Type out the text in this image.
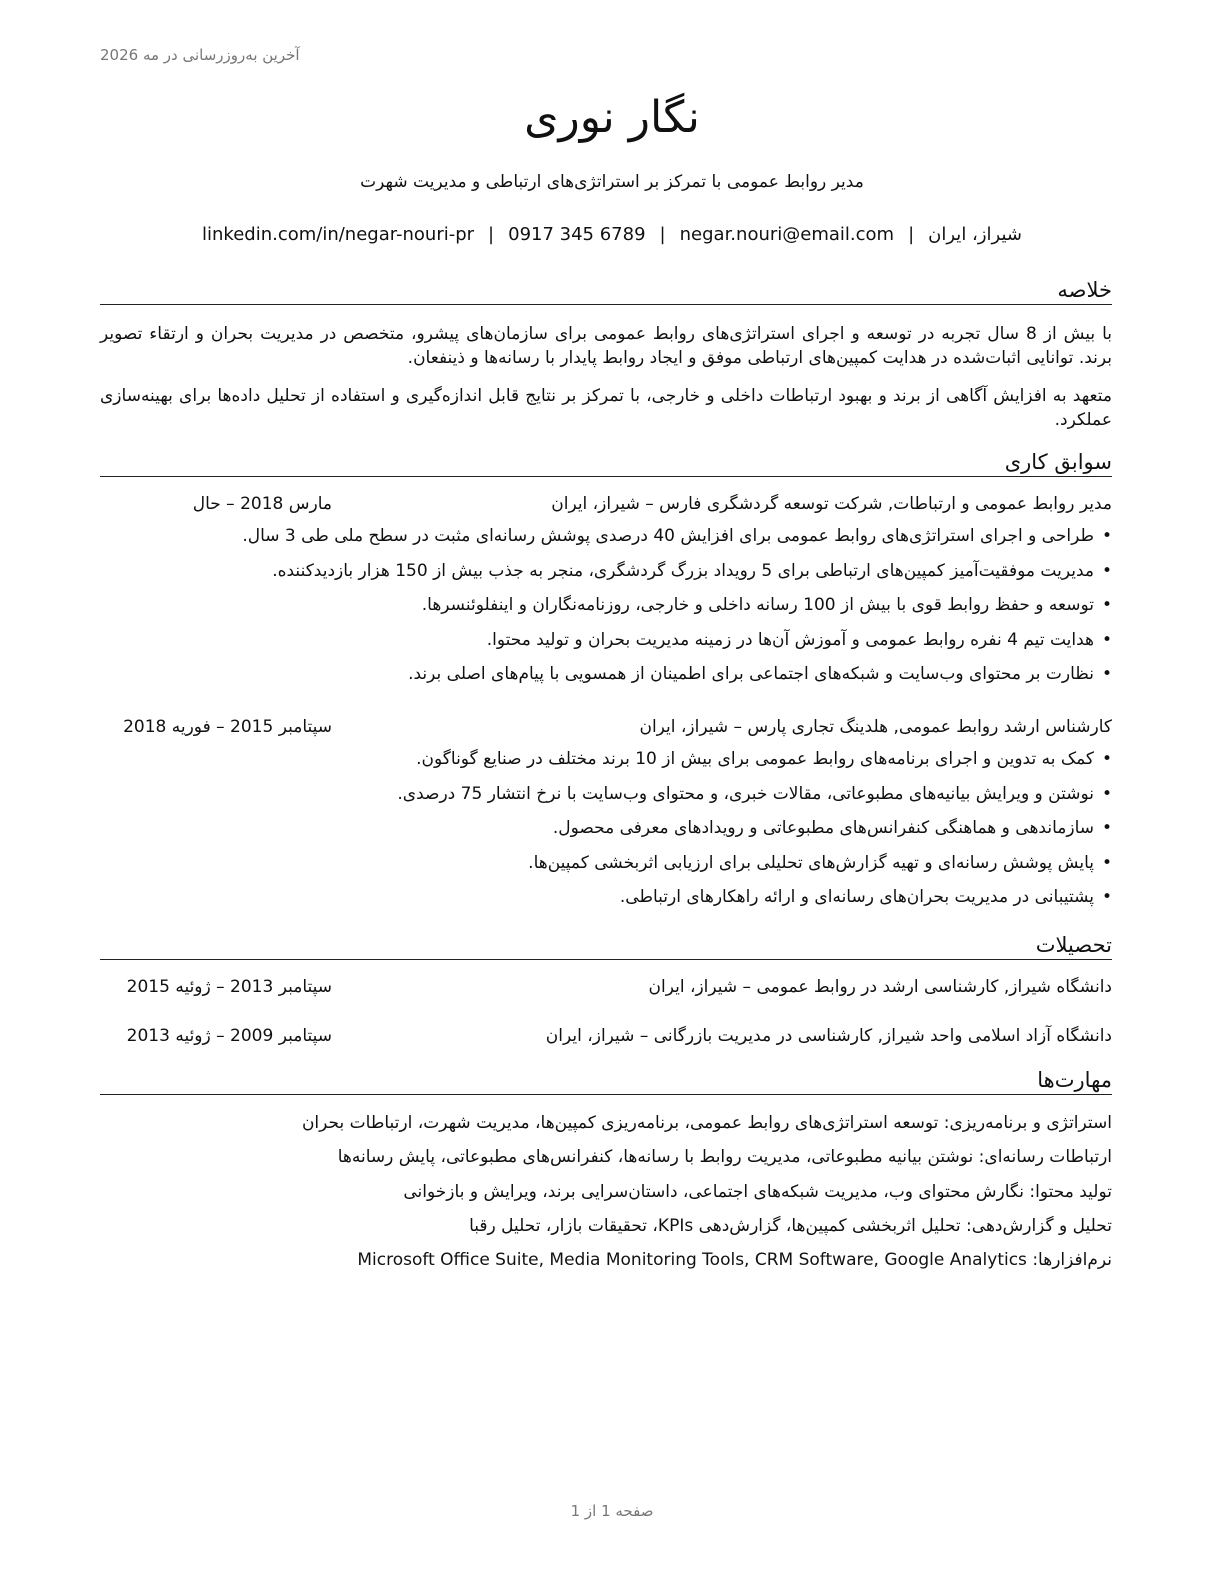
آخرین به‌روزرسانی در مه 2026
نگار نوری
مدیر روابط عمومی با تمرکز بر استراتژی‌های ارتباطی و مدیریت شهرت
شیراز، ایران|negar.nouri@email.com|0917 345 6789|linkedin.com/in/negar-nouri-pr
خلاصه
با بیش از 8 سال تجربه در توسعه و اجرای استراتژی‌های روابط عمومی برای سازمان‌های پیشرو، متخصص در مدیریت بحران و ارتقاء تصویر برند. توانایی اثبات‌شده در هدایت کمپین‌های ارتباطی موفق و ایجاد روابط پایدار با رسانه‌ها و ذینفعان.
متعهد به افزایش آگاهی از برند و بهبود ارتباطات داخلی و خارجی، با تمرکز بر نتایج قابل اندازه‌گیری و استفاده از تحلیل داده‌ها برای بهینه‌سازی عملکرد.
سوابق کاری
مدیر روابط عمومی و ارتباطات, شرکت توسعه گردشگری فارس – شیراز، ایران
مارس 2018 – حال
•طراحی و اجرای استراتژی‌های روابط عمومی برای افزایش 40 درصدی پوشش رسانه‌ای مثبت در سطح ملی طی 3 سال.
•مدیریت موفقیت‌آمیز کمپین‌های ارتباطی برای 5 رویداد بزرگ گردشگری، منجر به جذب بیش از 150 هزار بازدیدکننده.
•توسعه و حفظ روابط قوی با بیش از 100 رسانه داخلی و خارجی، روزنامه‌نگاران و اینفلوئنسرها.
•هدایت تیم 4 نفره روابط عمومی و آموزش آن‌ها در زمینه مدیریت بحران و تولید محتوا.
•نظارت بر محتوای وب‌سایت و شبکه‌های اجتماعی برای اطمینان از همسویی با پیام‌های اصلی برند.
کارشناس ارشد روابط عمومی, هلدینگ تجاری پارس – شیراز، ایران
سپتامبر 2015 – فوریه 2018
•کمک به تدوین و اجرای برنامه‌های روابط عمومی برای بیش از 10 برند مختلف در صنایع گوناگون.
•نوشتن و ویرایش بیانیه‌های مطبوعاتی، مقالات خبری، و محتوای وب‌سایت با نرخ انتشار 75 درصدی.
•سازماندهی و هماهنگی کنفرانس‌های مطبوعاتی و رویدادهای معرفی محصول.
•پایش پوشش رسانه‌ای و تهیه گزارش‌های تحلیلی برای ارزیابی اثربخشی کمپین‌ها.
•پشتیبانی در مدیریت بحران‌های رسانه‌ای و ارائه راهکارهای ارتباطی.
تحصیلات
دانشگاه شیراز, کارشناسی ارشد در روابط عمومی – شیراز، ایران
سپتامبر 2013 – ژوئیه 2015
دانشگاه آزاد اسلامی واحد شیراز, کارشناسی در مدیریت بازرگانی – شیراز، ایران
سپتامبر 2009 – ژوئیه 2013
مهارت‌ها
استراتژی و برنامه‌ریزی: توسعه استراتژی‌های روابط عمومی، برنامه‌ریزی کمپین‌ها، مدیریت شهرت، ارتباطات بحران
ارتباطات رسانه‌ای: نوشتن بیانیه مطبوعاتی، مدیریت روابط با رسانه‌ها، کنفرانس‌های مطبوعاتی، پایش رسانه‌ها
تولید محتوا: نگارش محتوای وب، مدیریت شبکه‌های اجتماعی، داستان‌سرایی برند، ویرایش و بازخوانی
تحلیل و گزارش‌دهی: تحلیل اثربخشی کمپین‌ها، گزارش‌دهی KPIs، تحقیقات بازار، تحلیل رقبا
نرم‌افزارها: Microsoft Office Suite, Media Monitoring Tools, CRM Software, Google Analytics
صفحه 1 از 1
